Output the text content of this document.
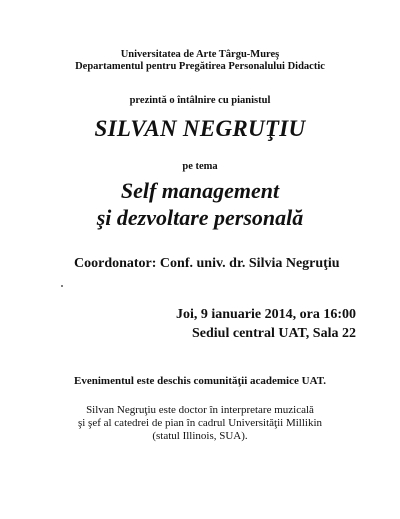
Universitatea de Arte Târgu-Mureş

Departamentul pentru Pregătirea Personalului Didactic

prezintă o întâlnire cu pianistul

SILVAN NEGRUŢIU

pe tema

Self management

şi dezvoltare personală

Coordonator: Conf. univ. dr. Silvia Negruţiu

Joi, 9 ianuarie 2014, ora 16:00

Sediul central UAT, Sala 22

Evenimentul este deschis comunităţii academice UAT.

Silvan Negruţiu este doctor în interpretare muzicală

şi şef al catedrei de pian în cadrul Universităţii Millikin

(statul Illinois, SUA).
